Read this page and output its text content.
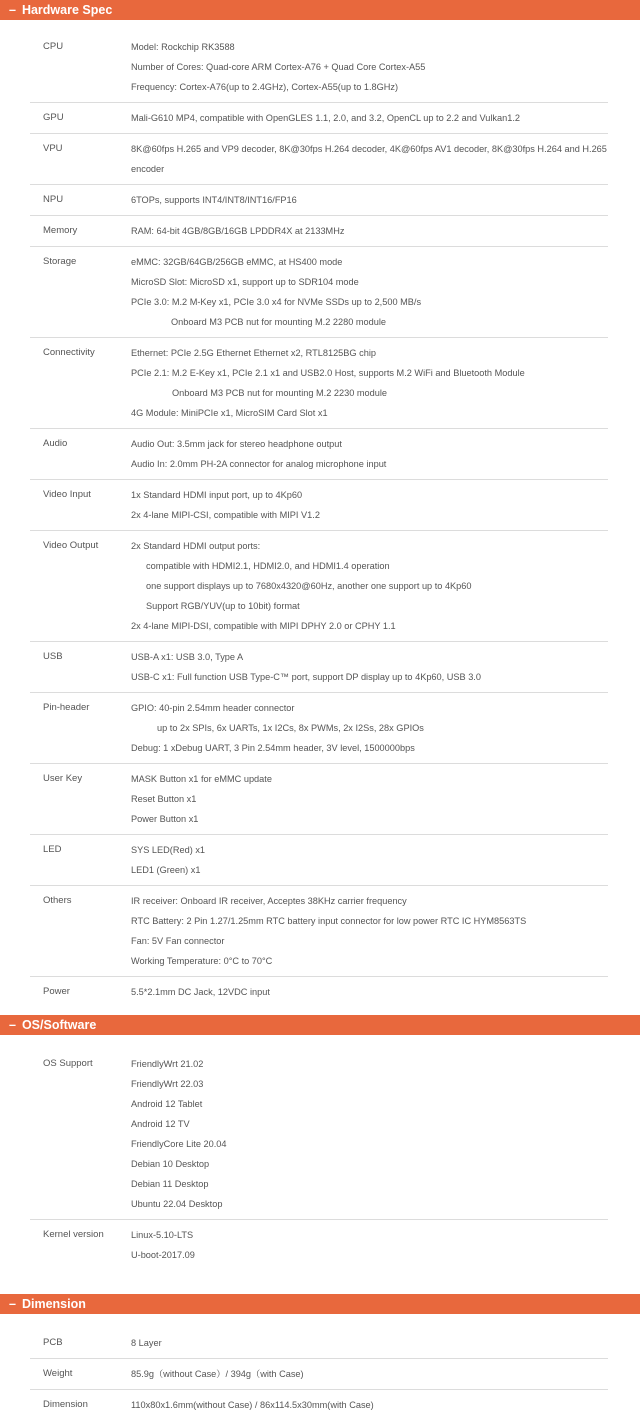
– Hardware Spec
CPU	Model: Rockchip RK3588
Number of Cores: Quad-core ARM Cortex-A76 + Quad Core Cortex-A55
Frequency: Cortex-A76(up to 2.4GHz), Cortex-A55(up to 1.8GHz)
GPU	Mali-G610 MP4, compatible with OpenGLES 1.1, 2.0, and 3.2, OpenCL up to 2.2 and Vulkan1.2
VPU	8K@60fps H.265 and VP9 decoder, 8K@30fps H.264 decoder, 4K@60fps AV1 decoder, 8K@30fps H.264 and H.265
encoder
NPU	6TOPs, supports INT4/INT8/INT16/FP16
Memory	RAM: 64-bit 4GB/8GB/16GB LPDDR4X at 2133MHz
Storage	eMMC: 32GB/64GB/256GB eMMC, at HS400 mode
MicroSD Slot: MicroSD x1, support up to SDR104 mode
PCIe 3.0: M.2 M-Key x1, PCIe 3.0 x4 for NVMe SSDs up to 2,500 MB/s
Onboard M3 PCB nut for mounting M.2 2280 module
Connectivity	Ethernet: PCIe 2.5G Ethernet Ethernet x2, RTL8125BG chip
PCIe 2.1: M.2 E-Key x1, PCIe 2.1 x1 and USB2.0 Host, supports M.2 WiFi and Bluetooth Module
Onboard M3 PCB nut for mounting M.2 2230 module
4G Module: MiniPCIe x1, MicroSIM Card Slot x1
Audio	Audio Out: 3.5mm jack for stereo headphone output
Audio In: 2.0mm PH-2A connector for analog microphone input
Video Input	1x Standard HDMI input port, up to 4Kp60
2x 4-lane MIPI-CSI, compatible with MIPI V1.2
Video Output	2x Standard HDMI output ports:
compatible with HDMI2.1, HDMI2.0, and HDMI1.4 operation
one support displays up to 7680x4320@60Hz, another one support up to 4Kp60
Support RGB/YUV(up to 10bit) format
2x 4-lane MIPI-DSI, compatible with MIPI DPHY 2.0 or CPHY 1.1
USB	USB-A x1: USB 3.0, Type A
USB-C x1: Full function USB Type-C™ port, support DP display up to 4Kp60, USB 3.0
Pin-header	GPIO: 40-pin 2.54mm header connector
up to 2x SPIs, 6x UARTs, 1x I2Cs, 8x PWMs, 2x I2Ss, 28x GPIOs
Debug: 1 xDebug UART, 3 Pin 2.54mm header, 3V level, 1500000bps
User Key	MASK Button x1 for eMMC update
Reset Button x1
Power Button x1
LED	SYS LED(Red) x1
LED1 (Green) x1
Others	IR receiver: Onboard IR receiver, Acceptes 38KHz carrier frequency
RTC Battery: 2 Pin 1.27/1.25mm RTC battery input connector for low power RTC IC HYM8563TS
Fan: 5V Fan connector
Working Temperature: 0°C to 70°C
Power	5.5*2.1mm DC Jack, 12VDC input
– OS/Software
OS Support	FriendlyWrt 21.02
FriendlyWrt 22.03
Android 12 Tablet
Android 12 TV
FriendlyCore Lite 20.04
Debian 10 Desktop
Debian 11 Desktop
Ubuntu 22.04 Desktop
Kernel version	Linux-5.10-LTS
U-boot-2017.09
– Dimension
PCB	8 Layer
Weight	85.9g（without Case）/ 394g（with Case)
Dimension	110x80x1.6mm(without Case) / 86x114.5x30mm(with Case)
